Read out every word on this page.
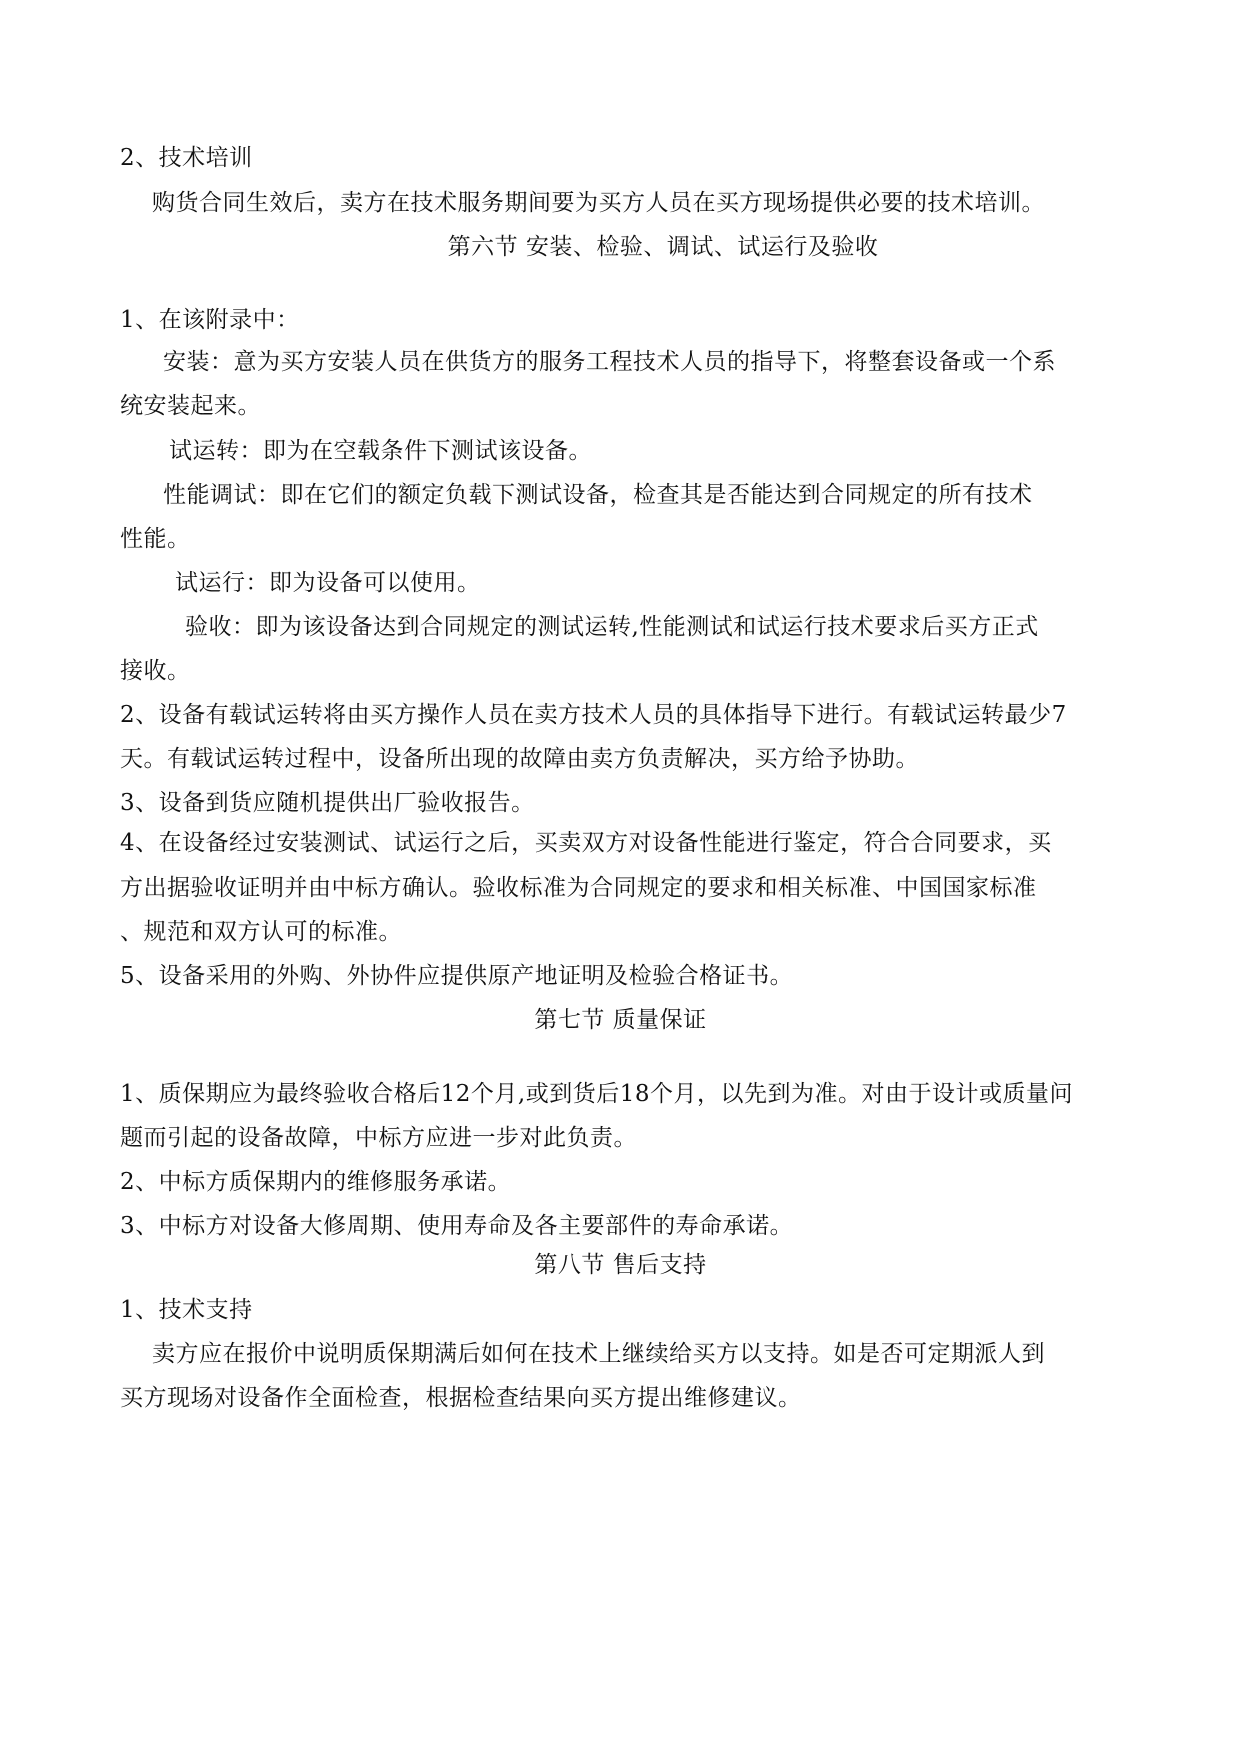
2、技术培训
购货合同生效后，卖方在技术服务期间要为买方人员在买方现场提供必要的技术培训。
第六节 安装、检验、调试、试运行及验收
1、在该附录中：
安装：意为买方安装人员在供货方的服务工程技术人员的指导下，将整套设备或一个系
统安装起来。
试运转：即为在空载条件下测试该设备。
性能调试：即在它们的额定负载下测试设备，检查其是否能达到合同规定的所有技术
性能。
试运行：即为设备可以使用。
验收：即为该设备达到合同规定的测试运转,性能测试和试运行技术要求后买方正式
接收。
2、设备有载试运转将由买方操作人员在卖方技术人员的具体指导下进行。有载试运转最少7
天。有载试运转过程中，设备所出现的故障由卖方负责解决，买方给予协助。
3、设备到货应随机提供出厂验收报告。
4、在设备经过安装测试、试运行之后，买卖双方对设备性能进行鉴定，符合合同要求，买
方出据验收证明并由中标方确认。验收标准为合同规定的要求和相关标准、中国国家标准
、规范和双方认可的标准。
5、设备采用的外购、外协件应提供原产地证明及检验合格证书。
第七节 质量保证
1、质保期应为最终验收合格后12个月,或到货后18个月，以先到为准。对由于设计或质量问
题而引起的设备故障，中标方应进一步对此负责。
2、中标方质保期内的维修服务承诺。
3、中标方对设备大修周期、使用寿命及各主要部件的寿命承诺。
第八节 售后支持
1、技术支持
卖方应在报价中说明质保期满后如何在技术上继续给买方以支持。如是否可定期派人到
买方现场对设备作全面检查，根据检查结果向买方提出维修建议。
